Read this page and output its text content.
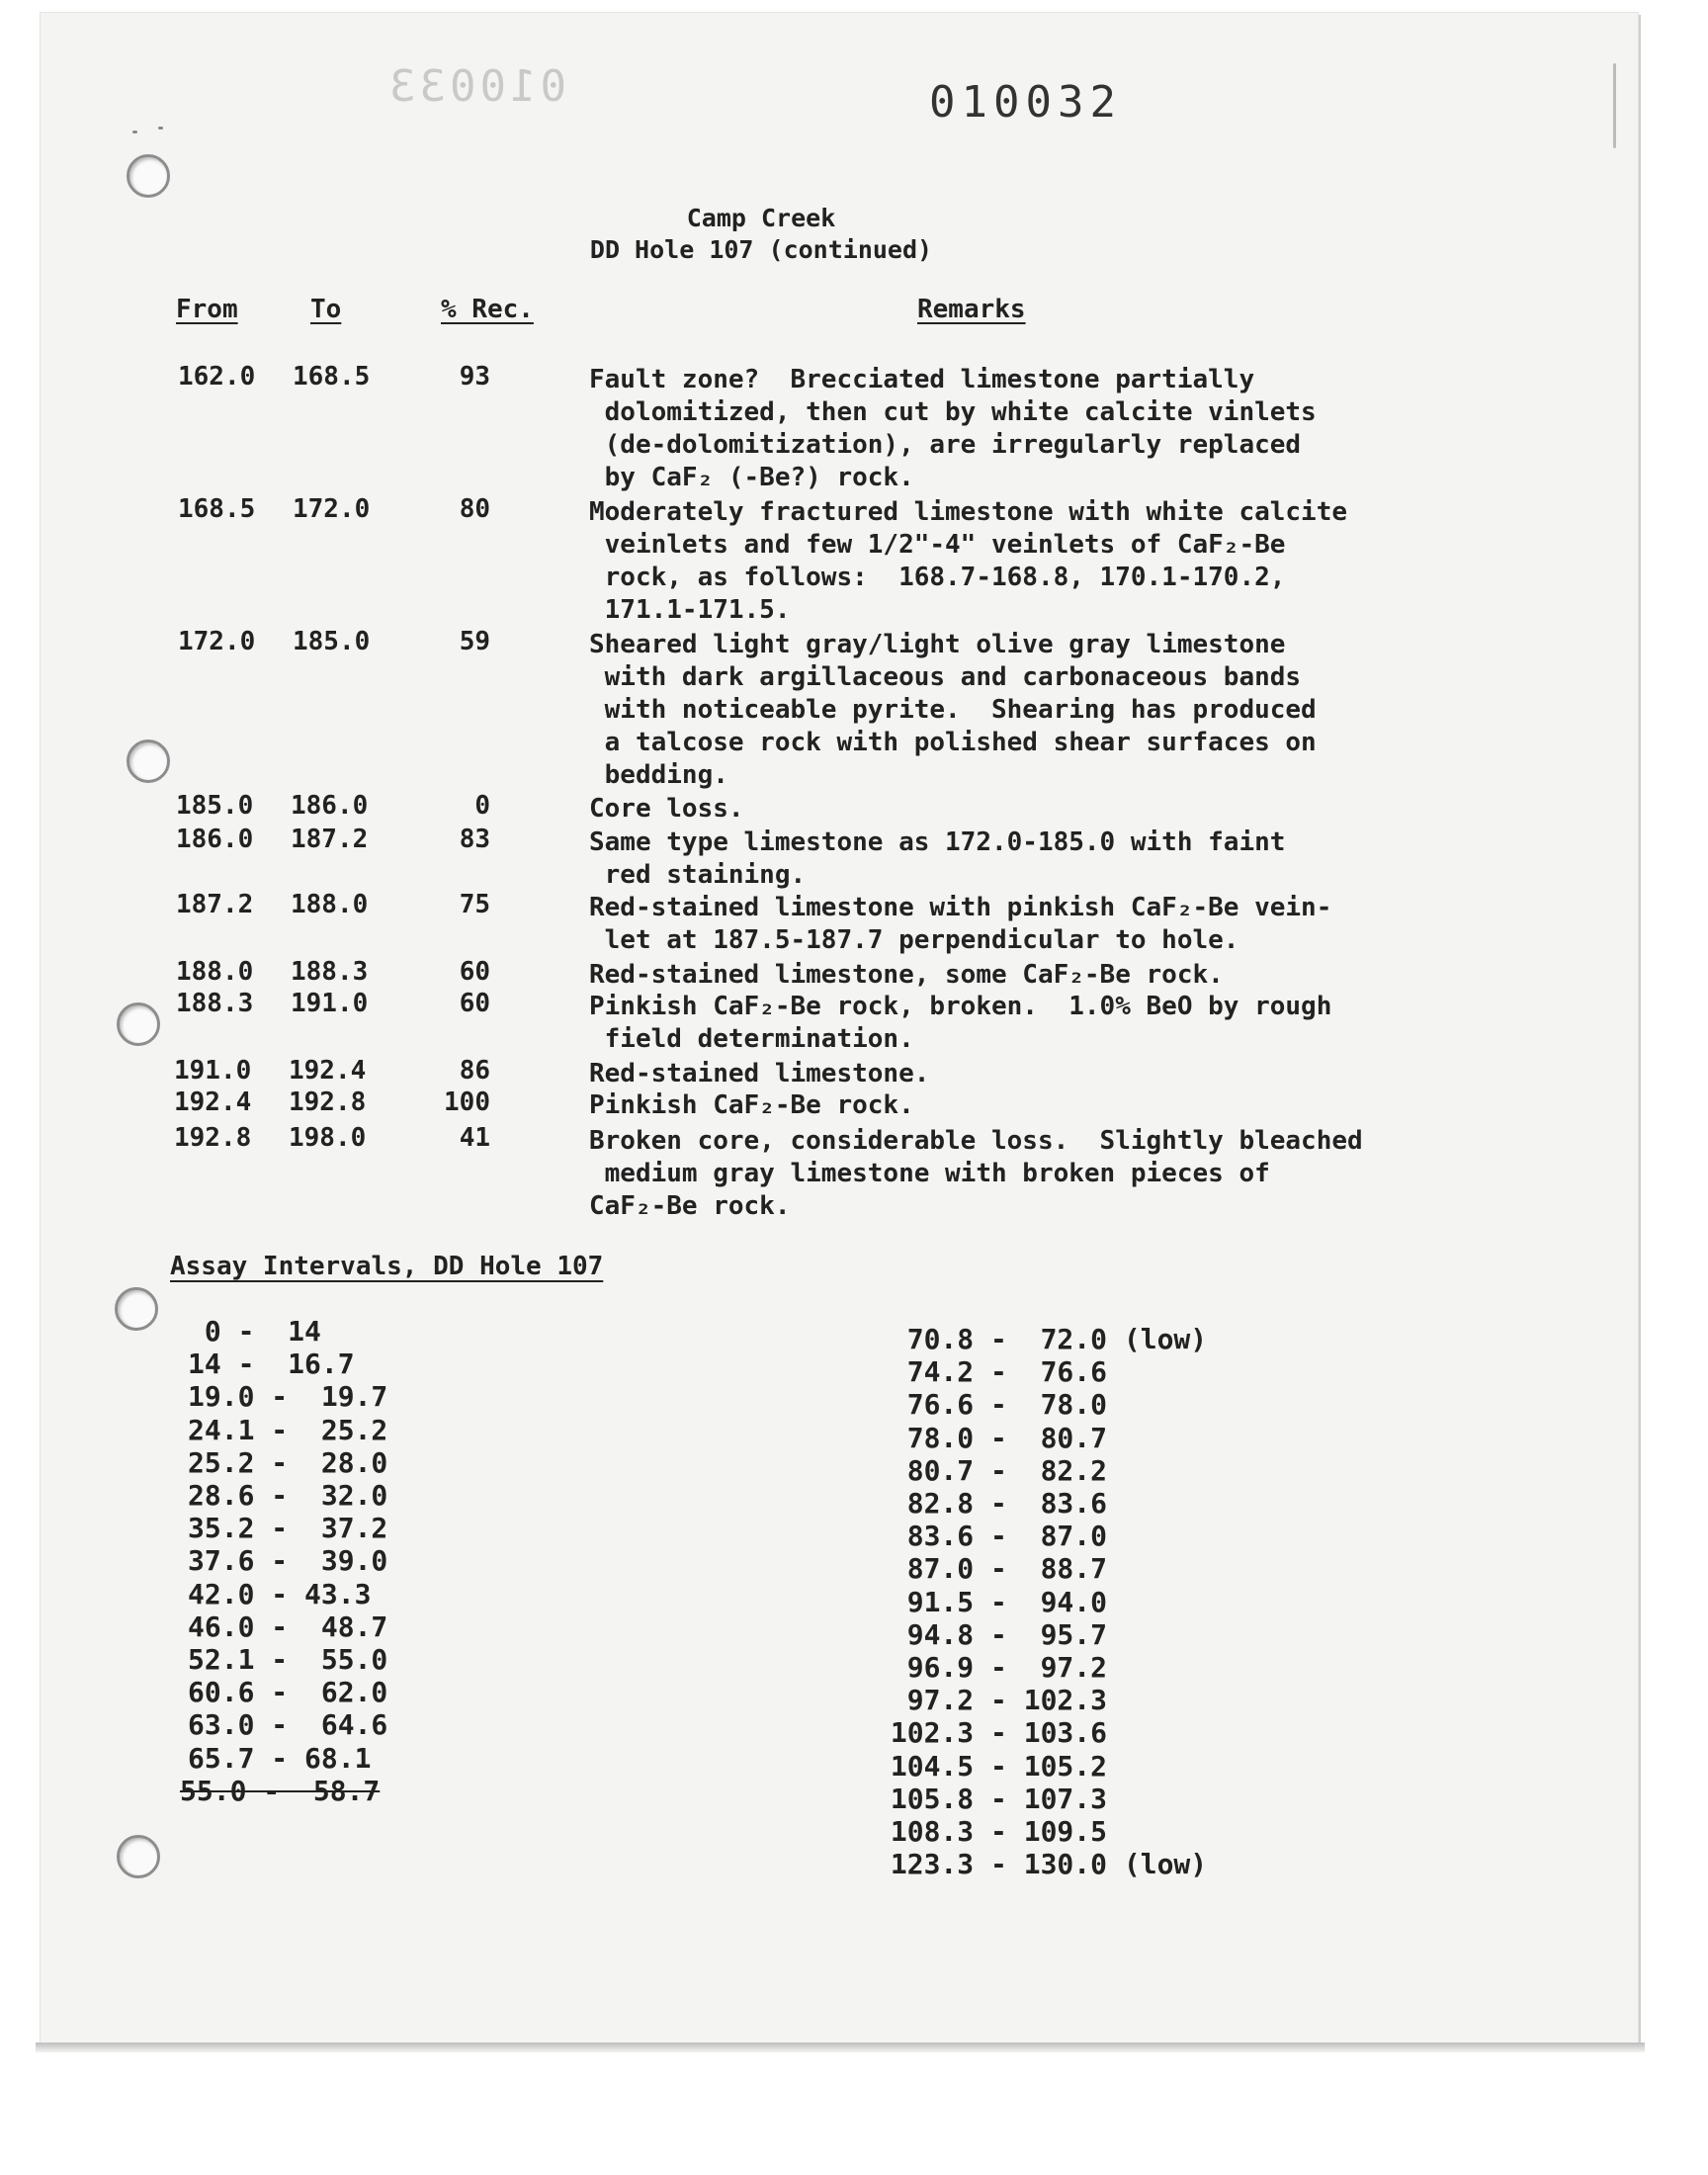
010033	010032
Camp Creek
DD Hole 107 (continued)
From	To	% Rec.	Remarks
162.0	168.5	93	Fault zone?  Brecciated limestone partially
dolomitized, then cut by white calcite vinlets
(de-dolomitization), are irregularly replaced
by CaF₂ (-Be?) rock.
168.5	172.0	80	Moderately fractured limestone with white calcite
veinlets and few 1/2"-4" veinlets of CaF₂-Be
rock, as follows:  168.7-168.8, 170.1-170.2,
171.1-171.5.
172.0	185.0	59	Sheared light gray/light olive gray limestone
with dark argillaceous and carbonaceous bands
with noticeable pyrite.  Shearing has produced
a talcose rock with polished shear surfaces on
bedding.
185.0	186.0	0	Core loss.
186.0	187.2	83	Same type limestone as 172.0-185.0 with faint
red staining.
187.2	188.0	75	Red-stained limestone with pinkish CaF₂-Be vein-
let at 187.5-187.7 perpendicular to hole.
188.0	188.3	60	Red-stained limestone, some CaF₂-Be rock.
188.3	191.0	60	Pinkish CaF₂-Be rock, broken.  1.0% BeO by rough
field determination.
191.0	192.4	86	Red-stained limestone.
192.4	192.8	100	Pinkish CaF₂-Be rock.
192.8	198.0	41	Broken core, considerable loss.  Slightly bleached
medium gray limestone with broken pieces of
CaF₂-Be rock.
Assay Intervals, DD Hole 107
0 -  14
14 -  16.7
19.0 -  19.7
24.1 -  25.2
25.2 -  28.0
28.6 -  32.0
35.2 -  37.2
37.6 -  39.0
42.0 - 43.3
46.0 -  48.7
52.1 -  55.0
60.6 -  62.0
63.0 -  64.6
65.7 - 68.1
55.0 -  58.7
70.8 -  72.0 (low)
74.2 -  76.6
76.6 -  78.0
78.0 -  80.7
80.7 -  82.2
82.8 -  83.6
83.6 -  87.0
87.0 -  88.7
91.5 -  94.0
94.8 -  95.7
96.9 -  97.2
97.2 - 102.3
102.3 - 103.6
104.5 - 105.2
105.8 - 107.3
108.3 - 109.5
123.3 - 130.0 (low)
